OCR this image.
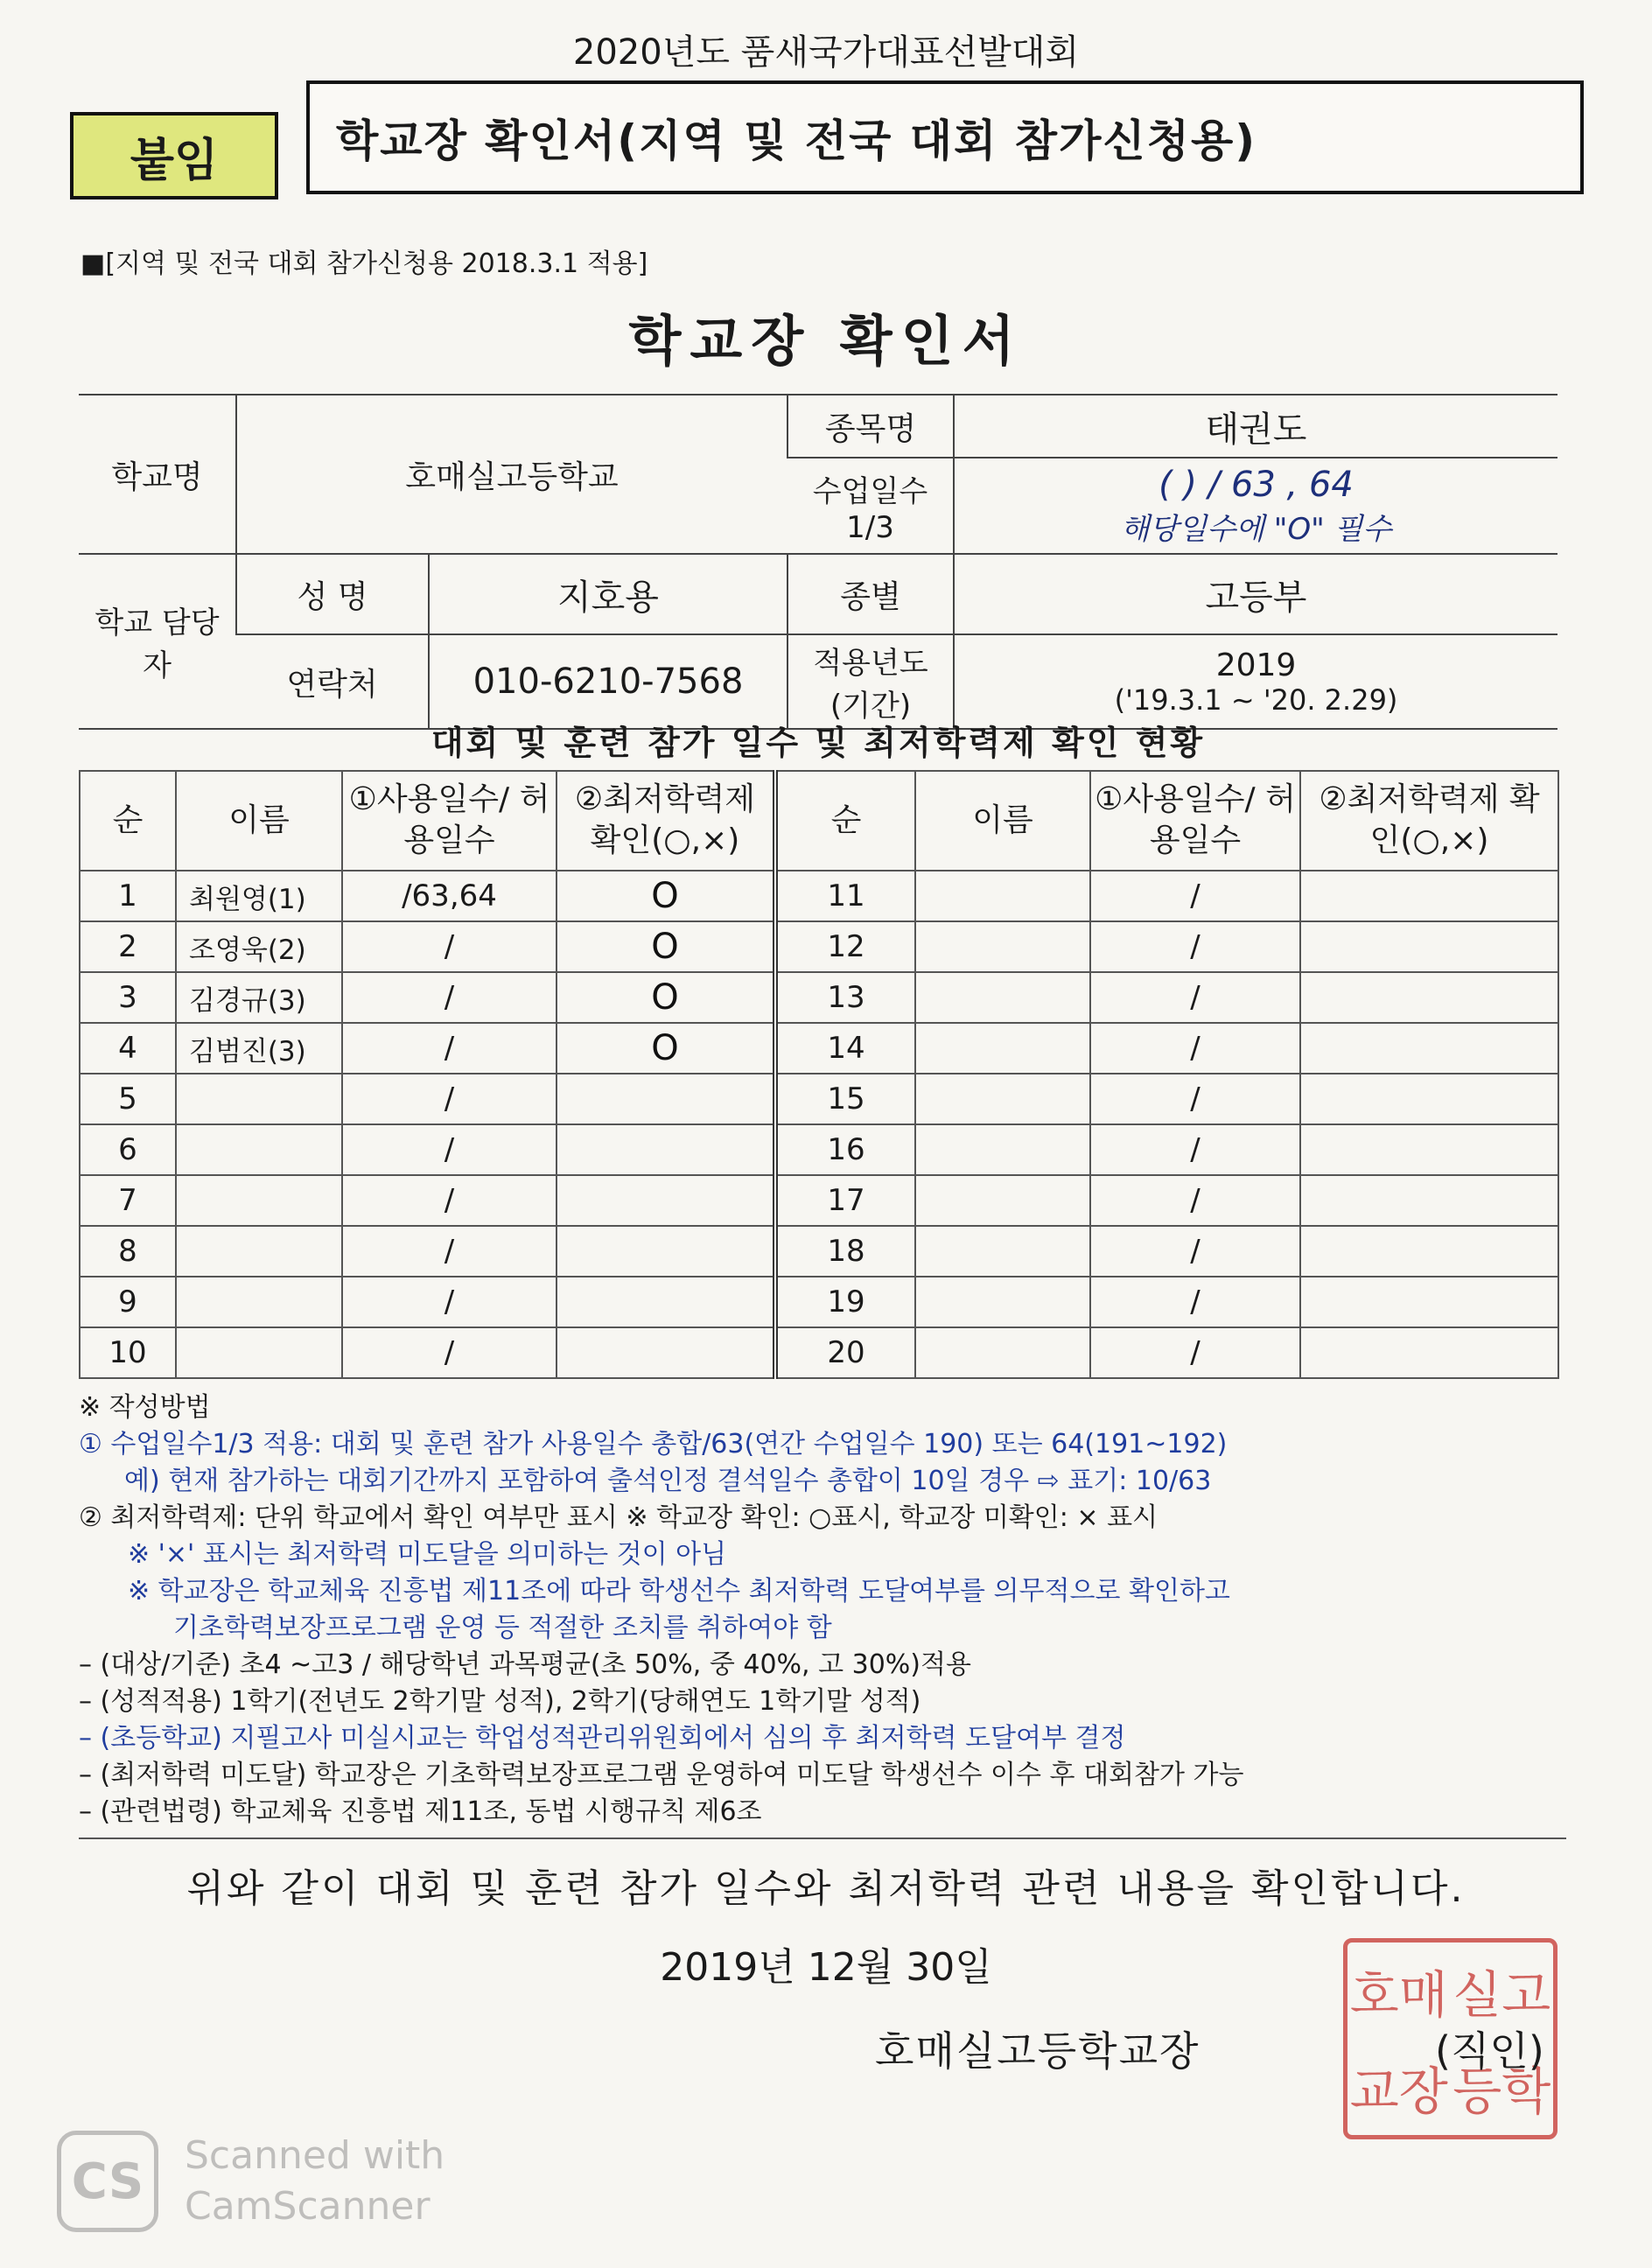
2020년도 품새국가대표선발대회
붙임	학교장 확인서(지역 및 전국 대회 참가신청용)
■[지역 및 전국 대회 참가신청용 2018.3.1 적용]
학교장 확인서
학교명	호매실고등학교		종목명	태권도
			수업일수 1/3	( ) / 63 , 64
해당일수에 "O" 필수

학교 담당자	성 명	지호용	종별	고등부
	연락처	010-6210-7568	적용년도 (기간)	2019
('19.3.1 ~ '20. 2.29)
대회 및 훈련 참가 일수 및 최저학력제 확인 현황
순	이름	①사용일수/ 허용일수	②최저학력제 확인(○,×)	순	이름	①사용일수/ 허용일수	②최저학력제 확인(○,×)
1	최원영(1)	/63,64	O	11		/	
2	조영욱(2)	/	O	12		/	
3	김경규(3)	/	O	13		/	
4	김범진(3)	/	O	14		/	
5		/		15		/	
6		/		16		/	
7		/		17		/	
8		/		18		/	
9		/		19		/	
10		/		20		/	

※ 작성방법

① 수업일수1/3 적용: 대회 및 훈련 참가 사용일수 총합/63(연간 수업일수 190) 또는 64(191~192)

예) 현재 참가하는 대회기간까지 포함하여 출석인정 결석일수 총합이 10일 경우 ⇨ 표기: 10/63

② 최저학력제: 단위 학교에서 확인 여부만 표시 ※ 학교장 확인: ○표시, 학교장 미확인: × 표시

※ '×' 표시는 최저학력 미도달을 의미하는 것이 아님

※ 학교장은 학교체육 진흥법 제11조에 따라 학생선수 최저학력 도달여부를 의무적으로 확인하고

기초학력보장프로그램 운영 등 적절한 조치를 취하여야 함

– (대상/기준) 초4 ~고3 / 해당학년 과목평균(초 50%, 중 40%, 고 30%)적용

– (성적적용) 1학기(전년도 2학기말 성적), 2학기(당해연도 1학기말 성적)

– (초등학교) 지필고사 미실시교는 학업성적관리위원회에서 심의 후 최저학력 도달여부 결정

– (최저학력 미도달) 학교장은 기초학력보장프로그램 운영하여 미도달 학생선수 이수 후 대회참가 가능

– (관련법령) 학교체육 진흥법 제11조, 동법 시행규칙 제6조

위와 같이 대회 및 훈련 참가 일수와 최저학력 관련 내용을 확인합니다.
2019년 12월 30일
호매실고등학교장
호매 실고
교장 등학
(직인)
CS	Scanned with
CamScanner
